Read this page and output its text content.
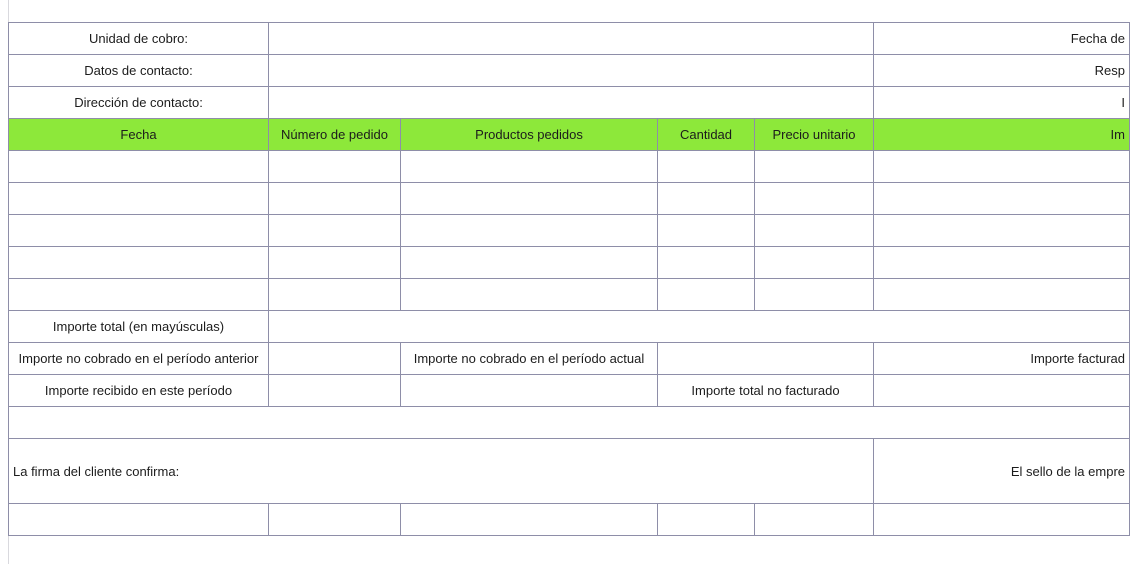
Unidad de cobro:					Fecha de
Datos de contacto:					Resp
Dirección de contacto:					I
Fecha	Número de pedido	Productos pedidos	Cantidad	Precio unitario	Im

Importe total (en mayúsculas)					
Importe no cobrado en el período anterior		Importe no cobrado en el período actual			Importe facturad
Importe recibido en este período			Importe total no facturado		

La firma del cliente confirma:					El sello de la empre
